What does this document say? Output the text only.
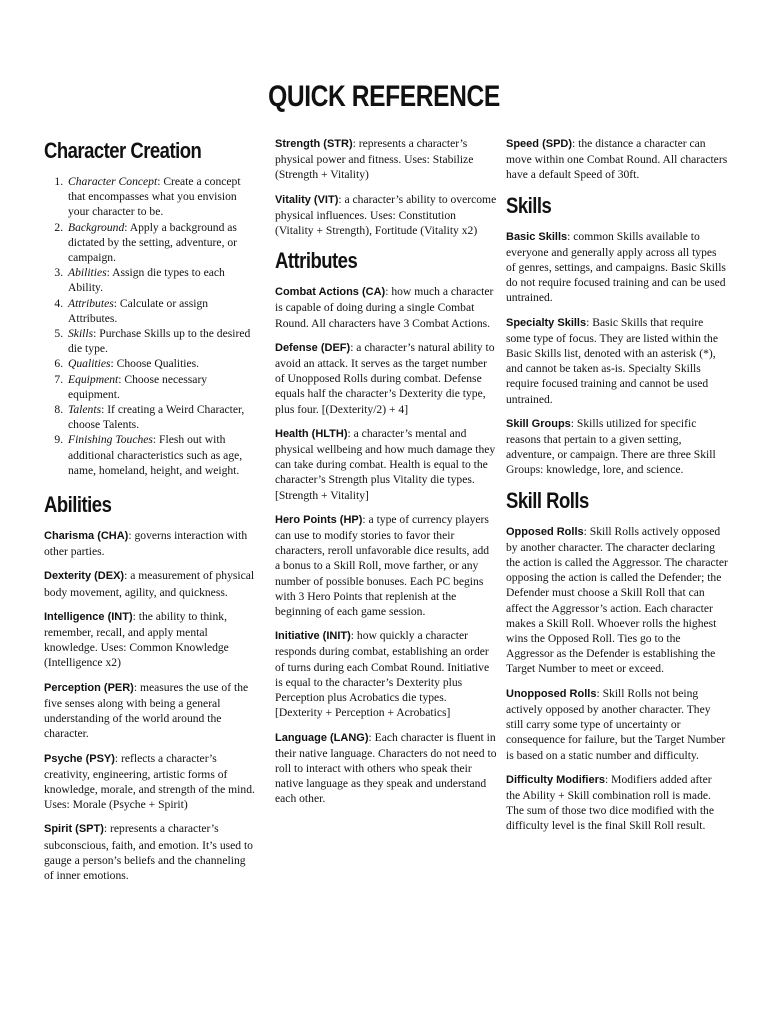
QUICK REFERENCE
Character Creation
1. Character Concept: Create a concept that encompasses what you envision your character to be.
2. Background: Apply a background as dictated by the setting, adventure, or campaign.
3. Abilities: Assign die types to each Ability.
4. Attributes: Calculate or assign Attributes.
5. Skills: Purchase Skills up to the desired die type.
6. Qualities: Choose Qualities.
7. Equipment: Choose necessary equipment.
8. Talents: If creating a Weird Character, choose Talents.
9. Finishing Touches: Flesh out with additional characteristics such as age, name, homeland, height, and weight.
Abilities
Charisma (CHA): governs interaction with other parties.
Dexterity (DEX): a measurement of physical body movement, agility, and quickness.
Intelligence (INT): the ability to think, remember, recall, and apply mental knowledge. Uses: Common Knowledge (Intelligence x2)
Perception (PER): measures the use of the five senses along with being a general understanding of the world around the character.
Psyche (PSY): reflects a character’s creativity, engineering, artistic forms of knowledge, morale, and strength of the mind. Uses: Morale (Psyche + Spirit)
Spirit (SPT): represents a character’s subconscious, faith, and emotion. It’s used to gauge a person’s beliefs and the channeling of inner emotions.
Strength (STR): represents a character’s physical power and fitness. Uses: Stabilize (Strength + Vitality)
Vitality (VIT): a character’s ability to overcome physical influences. Uses: Constitution (Vitality + Strength), Fortitude (Vitality x2)
Attributes
Combat Actions (CA): how much a character is capable of doing during a single Combat Round. All characters have 3 Combat Actions.
Defense (DEF): a character’s natural ability to avoid an attack. It serves as the target number of Unopposed Rolls during combat. Defense equals half the character’s Dexterity die type, plus four. [(Dexterity/2) + 4]
Health (HLTH): a character’s mental and physical wellbeing and how much damage they can take during combat. Health is equal to the character’s Strength plus Vitality die types. [Strength + Vitality]
Hero Points (HP): a type of currency players can use to modify stories to favor their characters, reroll unfavorable dice results, add a bonus to a Skill Roll, move farther, or any number of possible bonuses. Each PC begins with 3 Hero Points that replenish at the beginning of each game session.
Initiative (INIT): how quickly a character responds during combat, establishing an order of turns during each Combat Round. Initiative is equal to the character’s Dexterity plus Perception plus Acrobatics die types. [Dexterity + Perception + Acrobatics]
Language (LANG): Each character is fluent in their native language. Characters do not need to roll to interact with others who speak their native language as they speak and understand each other.
Speed (SPD): the distance a character can move within one Combat Round. All characters have a default Speed of 30ft.
Skills
Basic Skills: common Skills available to everyone and generally apply across all types of genres, settings, and campaigns. Basic Skills do not require focused training and can be used untrained.
Specialty Skills: Basic Skills that require some type of focus. They are listed within the Basic Skills list, denoted with an asterisk (*), and cannot be taken as-is. Specialty Skills require focused training and cannot be used untrained.
Skill Groups: Skills utilized for specific reasons that pertain to a given setting, adventure, or campaign. There are three Skill Groups: knowledge, lore, and science.
Skill Rolls
Opposed Rolls: Skill Rolls actively opposed by another character. The character declaring the action is called the Aggressor. The character opposing the action is called the Defender; the Defender must choose a Skill Roll that can affect the Aggressor’s action. Each character makes a Skill Roll. Whoever rolls the highest wins the Opposed Roll. Ties go to the Aggressor as the Defender is establishing the Target Number to meet or exceed.
Unopposed Rolls: Skill Rolls not being actively opposed by another character. They still carry some type of uncertainty or consequence for failure, but the Target Number is based on a static number and difficulty.
Difficulty Modifiers: Modifiers added after the Ability + Skill combination roll is made. The sum of those two dice modified with the difficulty level is the final Skill Roll result.
